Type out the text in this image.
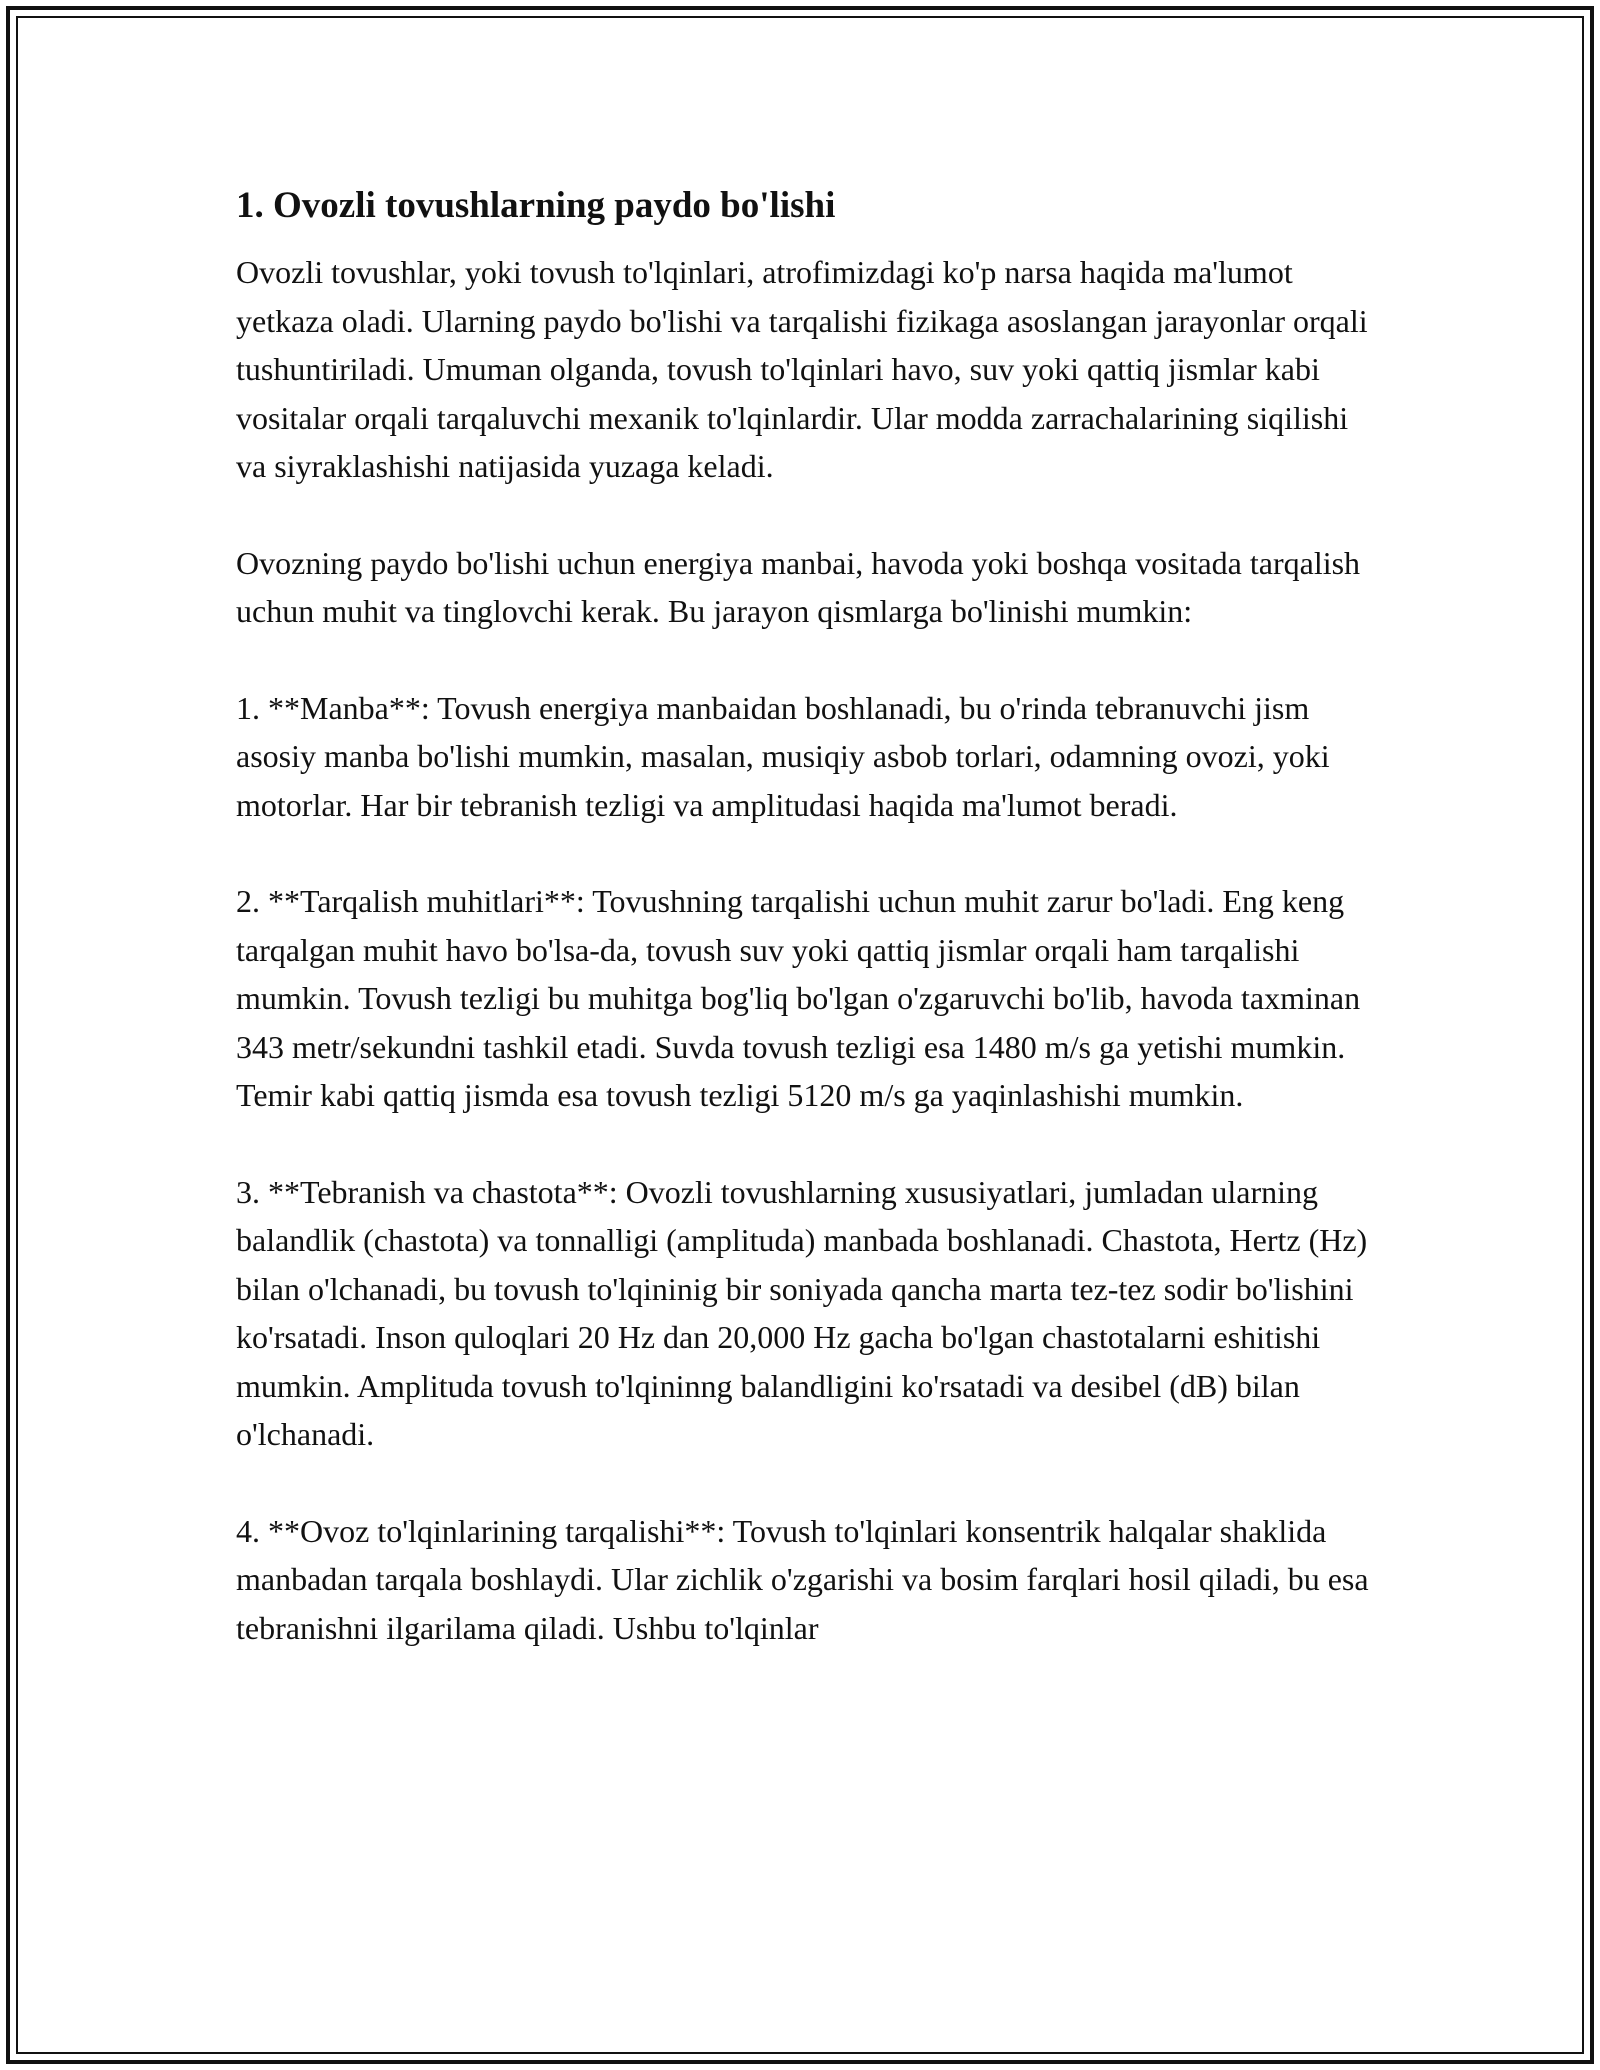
1. Ovozli tovushlarning paydo bo'lishi

Ovozli tovushlar, yoki tovush to'lqinlari, atrofimizdagi ko'p narsa haqida ma'lumot yetkaza oladi. Ularning paydo bo'lishi va tarqalishi fizikaga asoslangan jarayonlar orqali tushuntiriladi. Umuman olganda, tovush to'lqinlari havo, suv yoki qattiq jismlar kabi vositalar orqali tarqaluvchi mexanik to'lqinlardir. Ular modda zarrachalarining siqilishi va siyraklashishi natijasida yuzaga keladi.

Ovozning paydo bo'lishi uchun energiya manbai, havoda yoki boshqa vositada tarqalish uchun muhit va tinglovchi kerak. Bu jarayon qismlarga bo'linishi mumkin:

1. **Manba**: Tovush energiya manbaidan boshlanadi, bu o'rinda tebranuvchi jism asosiy manba bo'lishi mumkin, masalan, musiqiy asbob torlari, odamning ovozi, yoki motorlar. Har bir tebranish tezligi va amplitudasi haqida ma'lumot beradi.

2. **Tarqalish muhitlari**: Tovushning tarqalishi uchun muhit zarur bo'ladi. Eng keng tarqalgan muhit havo bo'lsa-da, tovush suv yoki qattiq jismlar orqali ham tarqalishi mumkin. Tovush tezligi bu muhitga bog'liq bo'lgan o'zgaruvchi bo'lib, havoda taxminan 343 metr/sekundni tashkil etadi. Suvda tovush tezligi esa 1480 m/s ga yetishi mumkin. Temir kabi qattiq jismda esa tovush tezligi 5120 m/s ga yaqinlashishi mumkin.

3. **Tebranish va chastota**: Ovozli tovushlarning xususiyatlari, jumladan ularning balandlik (chastota) va tonnalligi (amplituda) manbada boshlanadi. Chastota, Hertz (Hz) bilan o'lchanadi, bu tovush to'lqininig bir soniyada qancha marta tez-tez sodir bo'lishini ko'rsatadi. Inson quloqlari 20 Hz dan 20,000 Hz gacha bo'lgan chastotalarni eshitishi mumkin. Amplituda tovush to'lqininng balandligini ko'rsatadi va desibel (dB) bilan o'lchanadi.

4. **Ovoz to'lqinlarining tarqalishi**: Tovush to'lqinlari konsentrik halqalar shaklida manbadan tarqala boshlaydi. Ular zichlik o'zgarishi va bosim farqlari hosil qiladi, bu esa tebranishni ilgarilama qiladi. Ushbu to'lqinlar
